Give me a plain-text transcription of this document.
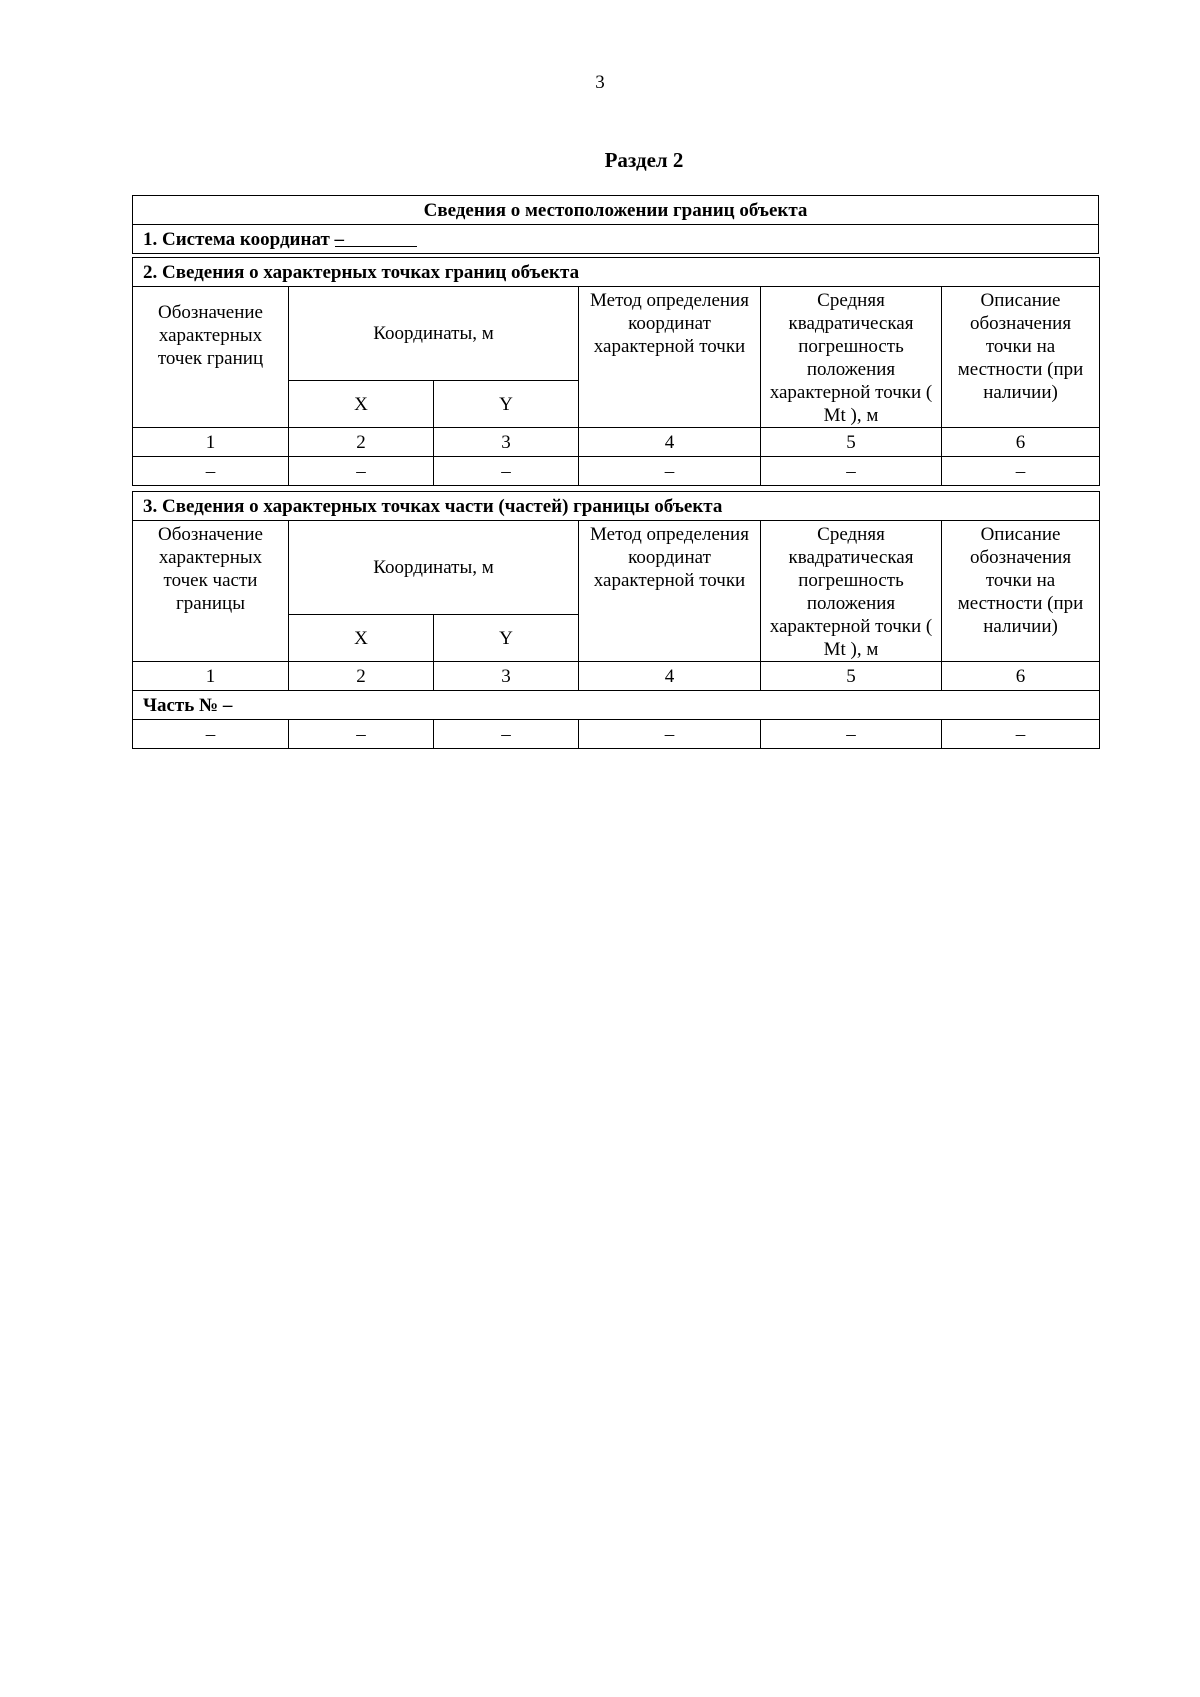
3
Раздел 2
Сведения о местоположении границ объекта
1. Система координат –
2. Сведения о характерных точках границ объекта					

Обозначение характерных точек границ	Координаты, м		Метод определения координат характерной точки	Средняя квадратическая погрешность положения характерной точки ( Mt ), м	Описание обозначения точки на местности (при наличии)

	X	Y			
1	2	3	4	5	6
–	–	–	–	–	–
3. Сведения о характерных точках части (частей) границы объекта					

Обозначение характерных точек части границы	Координаты, м		Метод определения координат характерной точки	Средняя квадратическая погрешность положения характерной точки ( Mt ), м	Описание обозначения точки на местности (при наличии)

	X	Y			
1	2	3	4	5	6
Часть № –					
–	–	–	–	–	–
